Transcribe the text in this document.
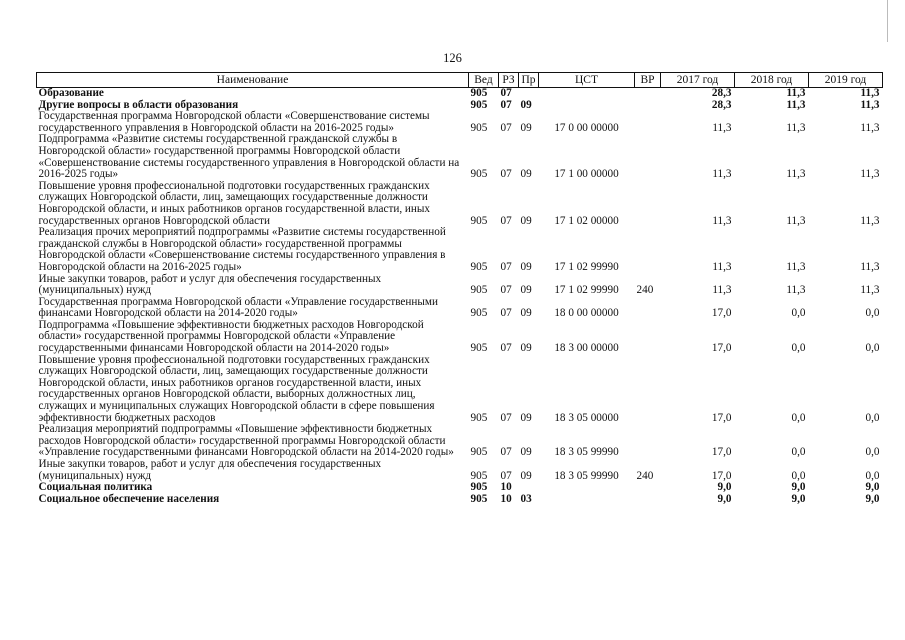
126
Наименование	Вед	РЗ	Пр	ЦСТ	ВР	2017 год	2018 год	2019 год
Образование	905	07				28,3	11,3	11,3
Другие вопросы в области образования	905	07	09			28,3	11,3	11,3
Государственная программа Новгородской области «Совершенствование системы государственного управления в Новгородской области на 2016-2025 годы»	905	07	09	17 0 00 00000		11,3	11,3	11,3
Подпрограмма «Развитие системы государственной гражданской службы в Новгородской области» государственной программы Новгородской области «Совершенствование системы государственного управления в Новгородской области на 2016-2025 годы»	905	07	09	17 1 00 00000		11,3	11,3	11,3
Повышение уровня профессиональной подготовки государственных гражданских служащих Новгородской области, лиц, замещающих государственные должности Новгородской области, и иных работников органов государственной власти, иных государственных органов Новгородской области	905	07	09	17 1 02 00000		11,3	11,3	11,3
Реализация прочих мероприятий подпрограммы «Развитие системы государственной гражданской службы в Новгородской области» государственной программы Новгородской области «Совершенствование системы государственного управления в Новгородской области на 2016-2025 годы»	905	07	09	17 1 02 99990		11,3	11,3	11,3
Иные закупки товаров, работ и услуг для обеспечения государственных (муниципальных) нужд	905	07	09	17 1 02 99990	240	11,3	11,3	11,3
Государственная программа Новгородской области «Управление государственными финансами Новгородской области на 2014-2020 годы»	905	07	09	18 0 00 00000		17,0	0,0	0,0
Подпрограмма «Повышение эффективности бюджетных расходов Новгородской области» государственной программы Новгородской области «Управление государственными финансами Новгородской области на 2014-2020 годы»	905	07	09	18 3 00 00000		17,0	0,0	0,0
Повышение уровня профессиональной подготовки государственных гражданских служащих Новгородской области, лиц, замещающих государственные должности Новгородской области, иных работников органов государственной власти, иных государственных органов Новгородской области, выборных должностных лиц, служащих и муниципальных служащих Новгородской области в сфере повышения эффективности бюджетных расходов	905	07	09	18 3 05 00000		17,0	0,0	0,0
Реализация мероприятий подпрограммы «Повышение эффективности бюджетных расходов Новгородской области» государственной программы Новгородской области «Управление государственными финансами Новгородской области на 2014-2020 годы»	905	07	09	18 3 05 99990		17,0	0,0	0,0
Иные закупки товаров, работ и услуг для обеспечения государственных (муниципальных) нужд	905	07	09	18 3 05 99990	240	17,0	0,0	0,0
Социальная политика	905	10				9,0	9,0	9,0
Социальное обеспечение населения	905	10	03			9,0	9,0	9,0
